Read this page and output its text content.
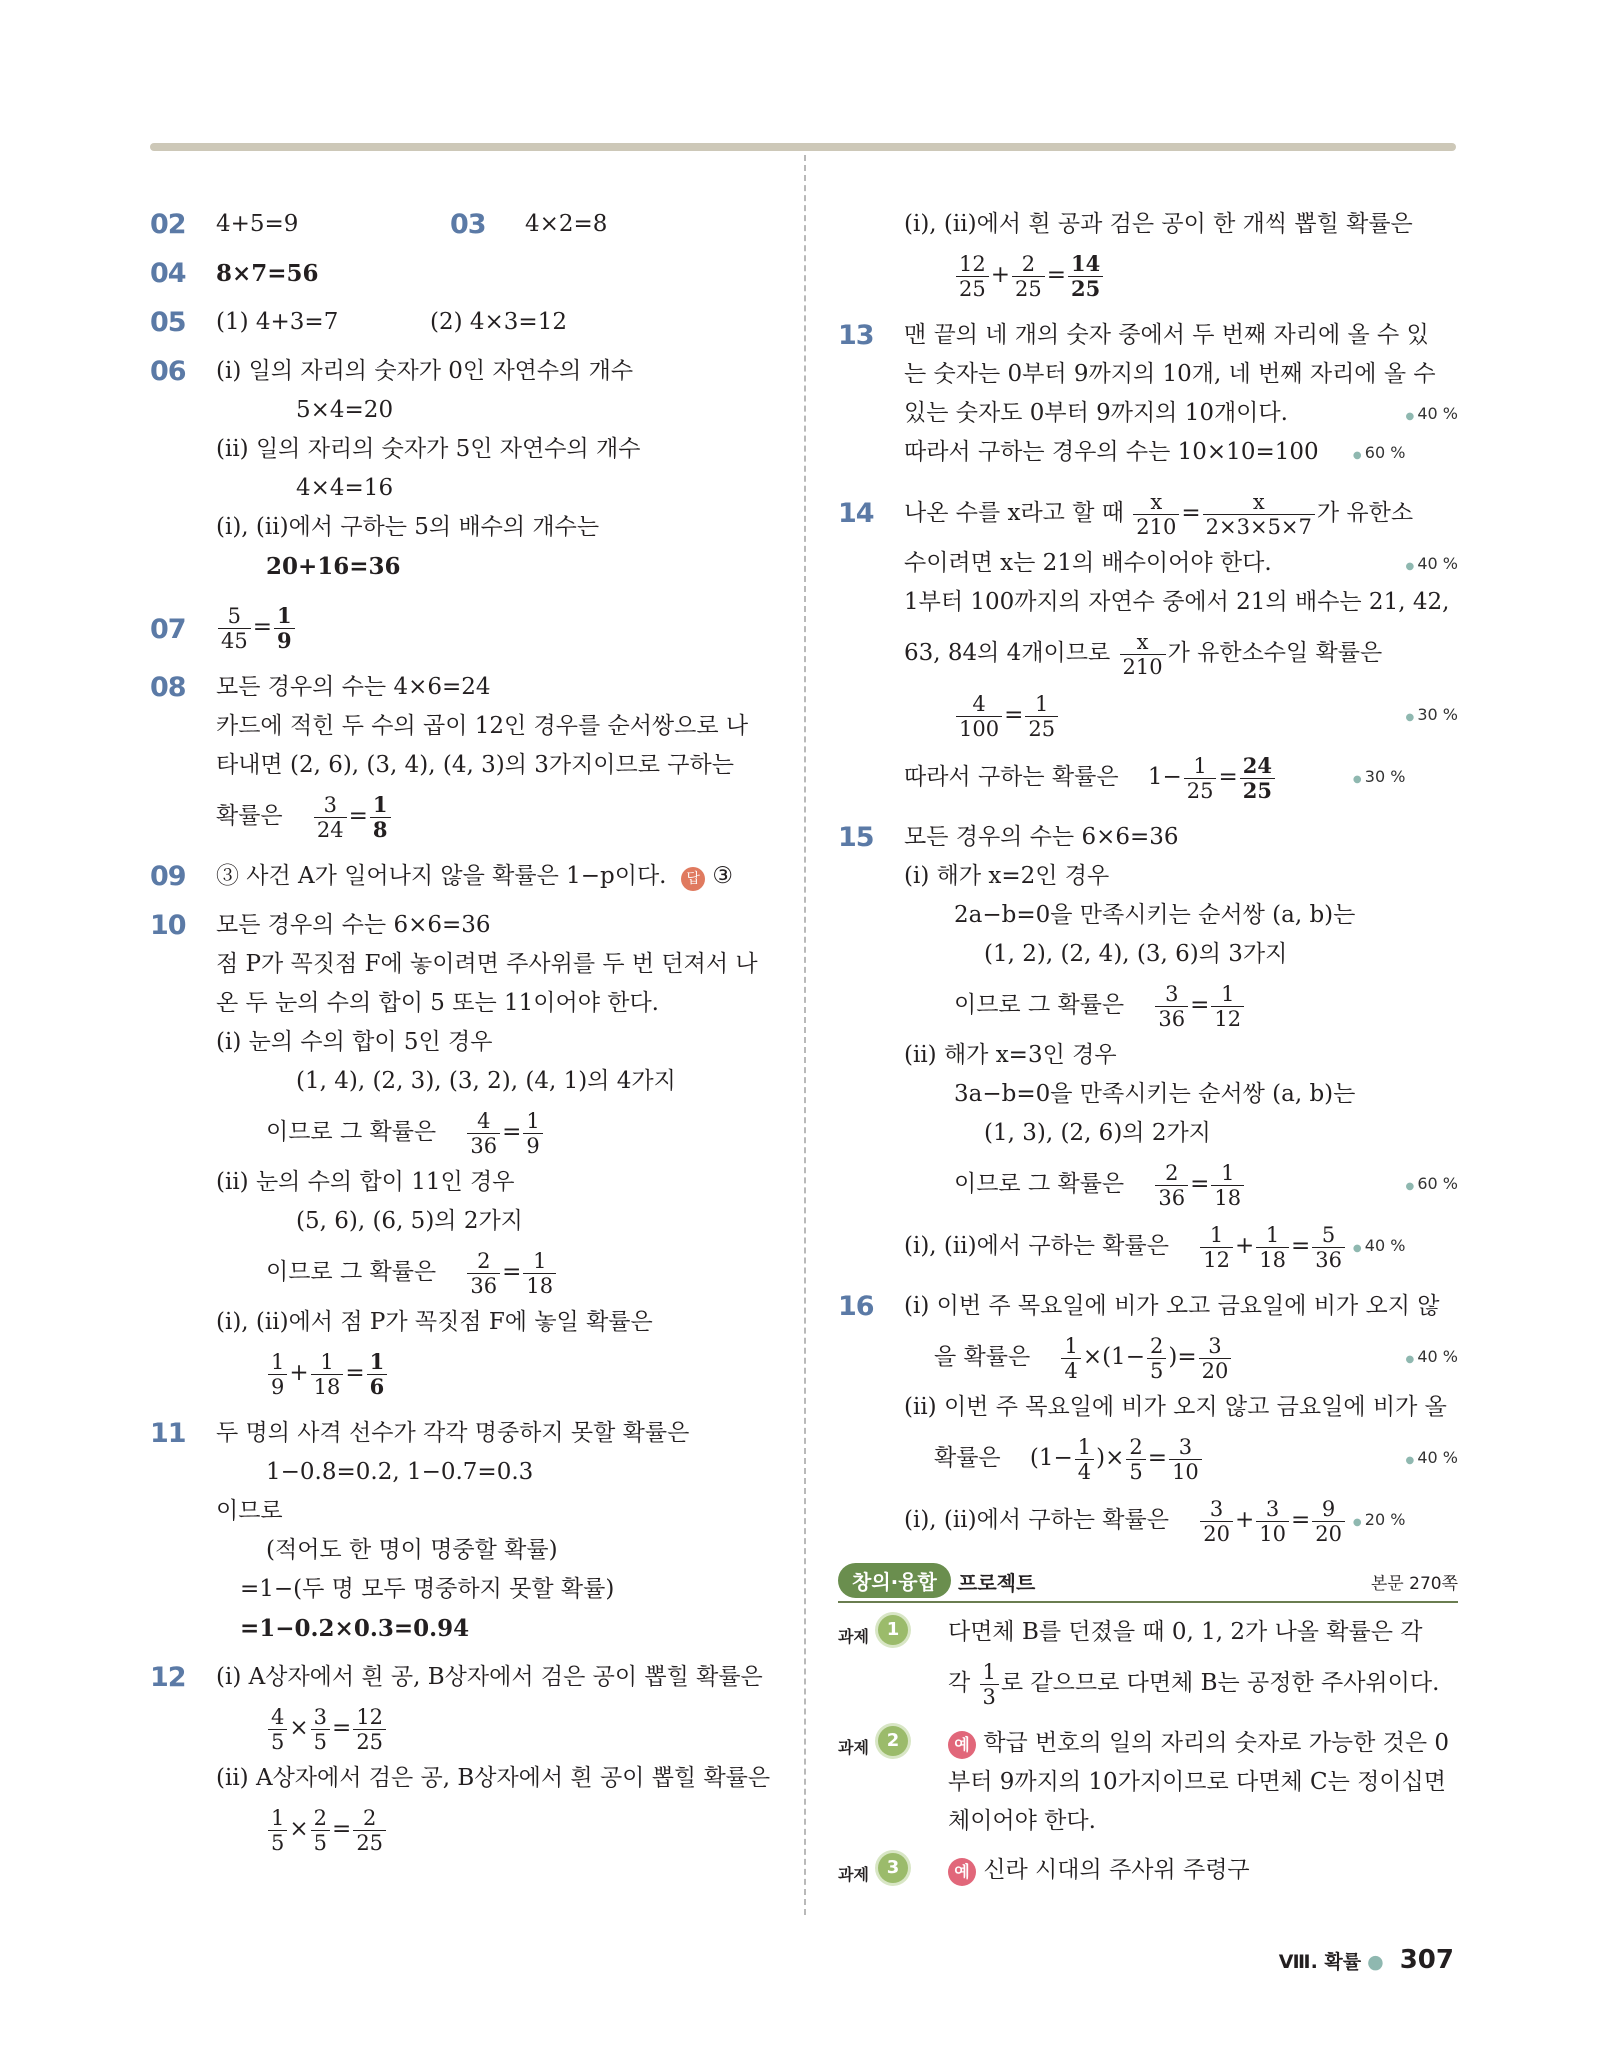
02 4+5=9	03 4×2=8
04 8×7=56
05 (1) 4+3=7	(2) 4×3=12
06 (ⅰ) 일의 자리의 숫자가 0인 자연수의 개수
5×4=20
(ⅱ) 일의 자리의 숫자가 5인 자연수의 개수
4×4=16
(ⅰ), (ⅱ)에서 구하는 5의 배수의 개수는
20+16=36
$07 \frac{5}{45} = \frac{1}{9}$
08 모든 경우의 수는 4×6=24
카드에 적힌 두 수의 곱이 12인 경우를 순서쌍으로 나
타내면 (2, 6), (3, 4), (4, 3)의 3가지이므로 구하는
확률은 $\frac{3}{24} = \frac{1}{8}$
09 ③ 사건 A가 일어나지 않을 확률은 1−p이다. 답 ③
10 모든 경우의 수는 6×6=36
점 P가 꼭짓점 F에 놓이려면 주사위를 두 번 던져서 나
온 두 눈의 수의 합이 5 또는 11이어야 한다.
(ⅰ) 눈의 수의 합이 5인 경우
(1, 4), (2, 3), (3, 2), (4, 1)의 4가지
이므로 그 확률은 $\frac{4}{36} = \frac{1}{9}$
(ⅱ) 눈의 수의 합이 11인 경우
(5, 6), (6, 5)의 2가지
이므로 그 확률은 $\frac{2}{36} = \frac{1}{18}$
(ⅰ), (ⅱ)에서 점 P가 꼭짓점 F에 놓일 확률은
$\frac{1}{9} + \frac{1}{18} = \frac{1}{6}$
11 두 명의 사격 선수가 각각 명중하지 못할 확률은
1−0.8=0.2, 1−0.7=0.3
이므로
(적어도 한 명이 명중할 확률)
=1−(두 명 모두 명중하지 못할 확률)
=1−0.2×0.3=0.94
12 (ⅰ) A상자에서 흰 공, B상자에서 검은 공이 뽑힐 확률은
$\frac{4}{5} \times \frac{3}{5} = \frac{12}{25}$
(ⅱ) A상자에서 검은 공, B상자에서 흰 공이 뽑힐 확률은
$\frac{1}{5} \times \frac{2}{5} = \frac{2}{25}$
(ⅰ), (ⅱ)에서 흰 공과 검은 공이 한 개씩 뽑힐 확률은
$\frac{12}{25} + \frac{2}{25} = \frac{14}{25}$
13 맨 끝의 네 개의 숫자 중에서 두 번째 자리에 올 수 있
는 숫자는 0부터 9까지의 10개, 네 번째 자리에 올 수
있는 숫자도 0부터 9까지의 10개이다.	● 40 %
따라서 구하는 경우의 수는 10×10=100	● 60 %
14 나온 수를 x라고 할 때 $\frac{x}{210} = \frac{x}{2\times 3\times 5\times 7}$ 가 유한소
수이려면 x는 21의 배수이어야 한다.	● 40 %
1부터 100까지의 자연수 중에서 21의 배수는 21, 42,
63, 84의 4개이므로 $\frac{x}{210}$ 가 유한소수일 확률은
$\frac{4}{100} = \frac{1}{25}$	● 30 %
따라서 구하는 확률은 $1- \frac{1}{25} = \frac{24}{25}$	● 30 %
15 모든 경우의 수는 6×6=36
(ⅰ) 해가 x=2인 경우
2a−b=0을 만족시키는 순서쌍 (a, b)는
(1, 2), (2, 4), (3, 6)의 3가지
이므로 그 확률은 $\frac{3}{36} = \frac{1}{12}$
(ⅱ) 해가 x=3인 경우
3a−b=0을 만족시키는 순서쌍 (a, b)는
(1, 3), (2, 6)의 2가지
이므로 그 확률은 $\frac{2}{36} = \frac{1}{18}$	● 60 %
(ⅰ), (ⅱ)에서 구하는 확률은 $\frac{1}{12} + \frac{1}{18} = \frac{5}{36}$	● 40 %
16 (ⅰ) 이번 주 목요일에 비가 오고 금요일에 비가 오지 않
을 확률은 $\frac{1}{4} \times(1- \frac{2}{5}$ )= $\frac{3}{20}$	● 40 %
(ⅱ) 이번 주 목요일에 비가 오지 않고 금요일에 비가 올
확률은    ($1- \frac{1}{4}$ )× $\frac{2}{5} = \frac{3}{10}$	● 40 %
(ⅰ), (ⅱ)에서 구하는 확률은 $\frac{3}{20} + \frac{3}{10} = \frac{9}{20}$	● 20 %
창의·융합	프로젝트	본문 270쪽
과제 1	다면체 B를 던졌을 때 0, 1, 2가 나올 확률은 각
각 $\frac{1}{3}$ 로 같으므로 다면체 B는 공정한 주사위이다.
과제 2	예 학급 번호의 일의 자리의 숫자로 가능한 것은 0
부터 9까지의 10가지이므로 다면체 C는 정이십면
체이어야 한다.
과제 3	예 신라 시대의 주사위 주령구
Ⅷ. 확률 ● 307
